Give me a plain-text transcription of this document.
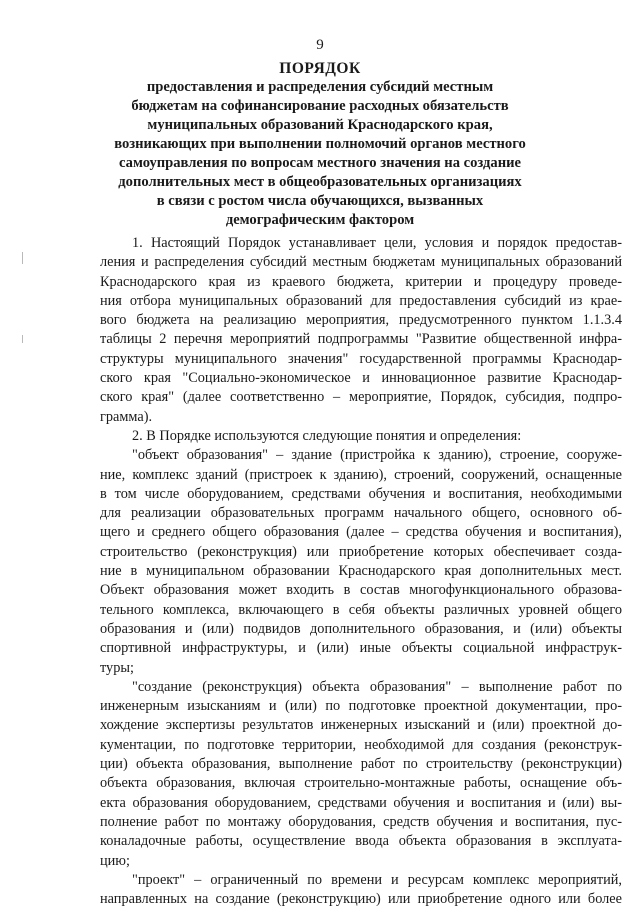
9
ПОРЯДОК
предоставления и распределения субсидий местным
бюджетам на софинансирование расходных обязательств
муниципальных образований Краснодарского края,
возникающих при выполнении полномочий органов местного
самоуправления по вопросам местного значения на создание
дополнительных мест в общеобразовательных организациях
в связи с ростом числа обучающихся, вызванных
демографическим фактором
1. Настоящий Порядок устанавливает цели, условия и порядок предостав-
ления и распределения субсидий местным бюджетам муниципальных образований
Краснодарского края из краевого бюджета, критерии и процедуру проведе-
ния отбора муниципальных образований для предоставления субсидий из крае-
вого бюджета на реализацию мероприятия, предусмотренного пунктом 1.1.3.4
таблицы 2 перечня мероприятий подпрограммы "Развитие общественной инфра-
структуры муниципального значения" государственной программы Краснодар-
ского края "Социально-экономическое и инновационное развитие Краснодар-
ского края" (далее соответственно – мероприятие, Порядок, субсидия, подпро-
грамма).
2. В Порядке используются следующие понятия и определения:
"объект образования" – здание (пристройка к зданию), строение, сооруже-
ние, комплекс зданий (пристроек к зданию), строений, сооружений, оснащенные
в том числе оборудованием, средствами обучения и воспитания, необходимыми
для реализации образовательных программ начального общего, основного об-
щего и среднего общего образования (далее – средства обучения и воспитания),
строительство (реконструкция) или приобретение которых обеспечивает созда-
ние в муниципальном образовании Краснодарского края дополнительных мест.
Объект образования может входить в состав многофункционального образова-
тельного комплекса, включающего в себя объекты различных уровней общего
образования и (или) подвидов дополнительного образования, и (или) объекты
спортивной инфраструктуры, и (или) иные объекты социальной инфраструк-
туры;
"создание (реконструкция) объекта образования" – выполнение работ по
инженерным изысканиям и (или) по подготовке проектной документации, про-
хождение экспертизы результатов инженерных изысканий и (или) проектной до-
кументации, по подготовке территории, необходимой для создания (реконструк-
ции) объекта образования, выполнение работ по строительству (реконструкции)
объекта образования, включая строительно-монтажные работы, оснащение объ-
екта образования оборудованием, средствами обучения и воспитания и (или) вы-
полнение работ по монтажу оборудования, средств обучения и воспитания, пус-
коналадочные работы, осуществление ввода объекта образования в эксплуата-
цию;
"проект" – ограниченный по времени и ресурсам комплекс мероприятий,
направленных на создание (реконструкцию) или приобретение одного или более
